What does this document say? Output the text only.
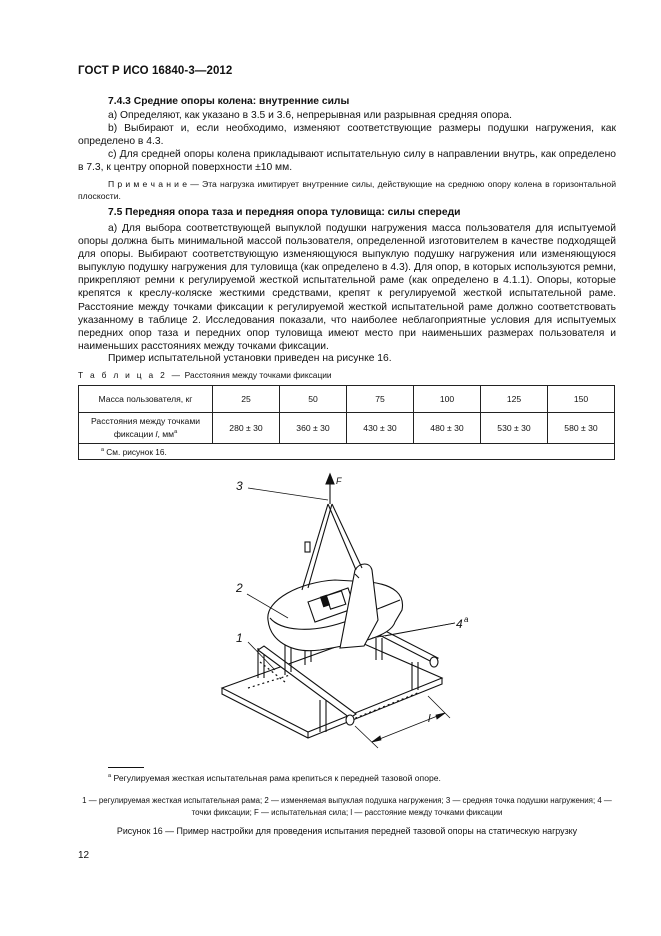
ГОСТ Р ИСО 16840-3—2012
7.4.3 Средние опоры колена: внутренние силы

а) Определяют, как указано в 3.5 и 3.6, непрерывная или разрывная средняя опора.

b) Выбирают и, если необходимо, изменяют соответствующие размеры подушки нагружения, как определено в 4.3.

с) Для средней опоры колена прикладывают испытательную силу в направлении внутрь, как определено в 7.3, к центру опорной поверхности ±10 мм.

П р и м е ч а н и е — Эта нагрузка имитирует внутренние силы, действующие на среднюю опору колена в горизонтальной плоскости.

7.5 Передняя опора таза и передняя опора туловища: силы спереди

а) Для выбора соответствующей выпуклой подушки нагружения масса пользователя для испытуемой опоры должна быть минимальной массой пользователя, определенной изготовителем в качестве подходящей для опоры. Выбирают соответствующую изменяющуюся выпуклую подушку нагружения или изменяющуюся выпуклую подушку нагружения для туловища (как определено в 4.3). Для опор, в которых используются ремни, прикрепляют ремни к регулируемой жесткой испытательной раме (как определено в 4.1.1). Опоры, которые крепятся к креслу-коляске жесткими средствами, крепят к регулируемой жесткой испытательной раме. Расстояние между точками фиксации к регулируемой жесткой испытательной раме должно соответствовать указанному в таблице 2. Исследования показали, что наиболее неблагоприятные условия для испытуемых передних опор таза и передних опор туловища имеют место при наименьших размерах пользователя и наименьших расстояниях между точками фиксации.

Пример испытательной установки приведен на рисунке 16.

Т а б л и ц а 2 — Расстояния между точками фиксации
Масса пользователя, кг	25	50	75	100	125	150
Расстояния между точками
фиксации l, $мм^a$	280 ± 30	360 ± 30	430 ± 30	480 ± 30	530 ± 30	580 ± 30
$^а$ См. рисунок 16.						
3
2
1
4 а
F
l
$^а$ Регулируемая жесткая испытательная рама крепиться к передней тазовой опоре.

1 — регулируемая жесткая испытательная рама; 2 — изменяемая выпуклая подушка нагружения; 3 — средняя точка подушки нагружения; 4 — точки фиксации; F — испытательная сила; l — расстояние между точками фиксации

Рисунок 16 — Пример настройки для проведения испытания передней тазовой опоры на статическую нагрузку
12
